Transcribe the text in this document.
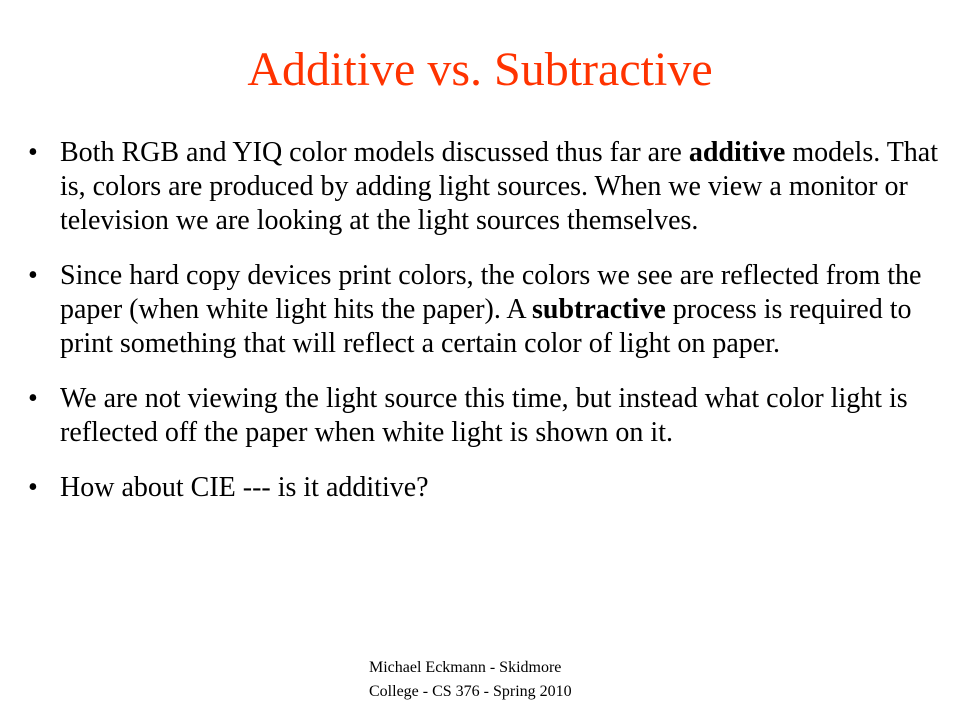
Additive vs. Subtractive
• Both RGB and YIQ color models discussed thus far are additive models. That is, colors are produced by adding light sources. When we view a monitor or television we are looking at the light sources themselves.
• Since hard copy devices print colors, the colors we see are reflected from the paper (when white light hits the paper). A subtractive process is required to print something that will reflect a certain color of light on paper.
• We are not viewing the light source this time, but instead what color light is reflected off the paper when white light is shown on it.
• How about CIE --- is it additive?
Michael Eckmann - Skidmore
College - CS 376 - Spring 2010
